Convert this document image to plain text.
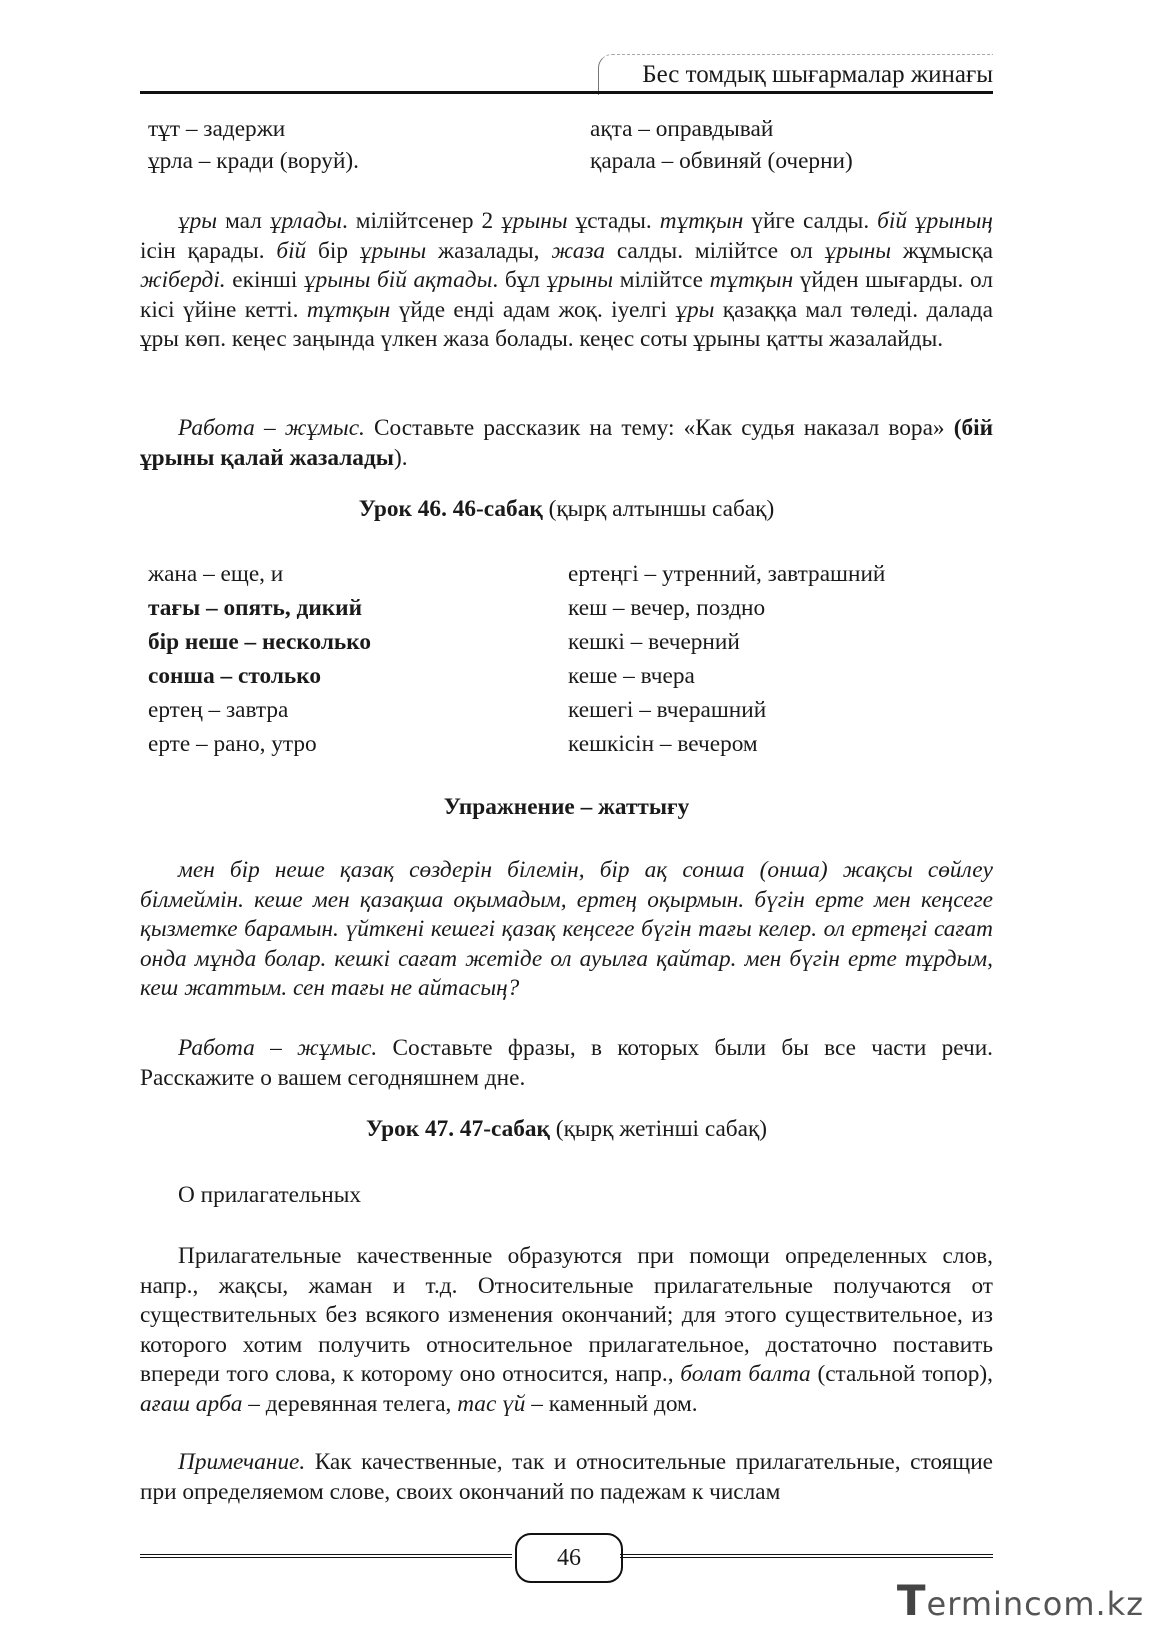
Бес томдық шығармалар жинағы
тұт – задержи
ұрла – кради (воруй).
ақта – оправдывай
қарала – обвиняй (очерни)
ұры мал ұрлады. мілійтсенер 2 ұрыны ұстады. тұтқын үйге салды. бій ұрының ісін қарады. бій бір ұрыны жазалады, жаза салды. мілійтсе ол ұрыны жұмысқа жіберді. екінші ұрыны бій ақтады. бұл ұрыны мілійтсе тұтқын үйден шығарды. ол кісі үйіне кетті. тұтқын үйде енді адам жоқ. іуелгі ұры қазаққа мал төледі. далада ұры көп. кеңес заңында үлкен жаза болады. кеңес соты ұрыны қатты жазалайды.
Работа – жұмыс. Составьте рассказик на тему: «Как судья наказал вора» (бій ұрыны қалай жазалады).
Урок 46. 46-сабақ (қырқ алтыншы сабақ)
жана – еще, и
тағы – опять, дикий
бір неше – несколько
сонша – столько
ертең – завтра
ерте – рано, утро
ертеңгі – утренний, завтрашний
кеш – вечер, поздно
кешкі – вечерний
кеше – вчера
кешегі – вчерашний
кешкісін – вечером
Упражнение – жаттығу
мен бір неше қазақ сөздерін білемін, бір ақ сонша (онша) жақсы сөйлеу білмеймін. кеше мен қазақша оқымадым, ертең оқырмын. бүгін ерте мен кеңсеге қызметке барамын. үйткені кешегі қазақ кеңсеге бүгін тағы келер. ол ертеңгі сағат онда мұнда болар. кешкі сағат жетіде ол ауылға қайтар. мен бүгін ерте тұрдым, кеш жаттым. сен тағы не айтасың?
Работа – жұмыс. Составьте фразы, в которых были бы все части речи. Расскажите о вашем сегодняшнем дне.
Урок 47. 47-сабақ (қырқ жетінші сабақ)
О прилагательных
Прилагательные качественные образуются при помощи определенных слов, напр., жақсы, жаман и т.д. Относительные прилагательные получаются от существительных без всякого изменения окончаний; для этого существительное, из которого хотим получить относительное прилагательное, достаточно поставить впереди того слова, к которому оно относится, напр., болат балта (стальной топор), ағаш арба – деревянная телега, тас үй – каменный дом.
Примечание. Как качественные, так и относительные прилагательные, стоящие при определяемом слове, своих окончаний по падежам к числам
46
Termincom.kz
